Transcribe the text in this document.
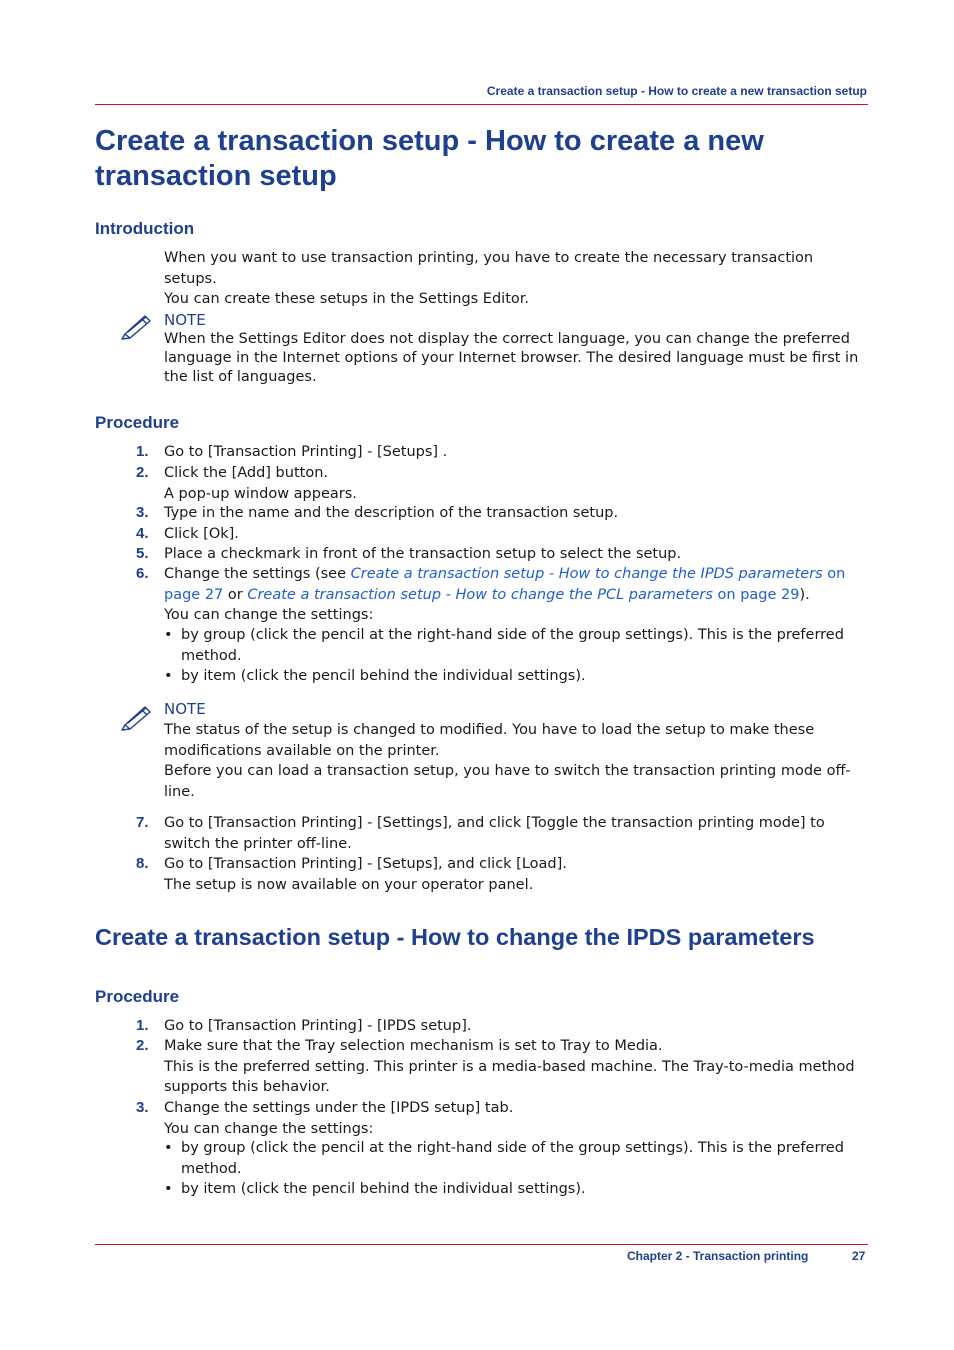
Create a transaction setup - How to create a new transaction setup
Create a transaction setup - How to create a new
transaction setup
Introduction

When you want to use transaction printing, you have to create the necessary transaction setups.
You can create these setups in the Settings Editor.

NOTE

When the Settings Editor does not display the correct language, you can change the preferred language in the Internet options of your Internet browser. The desired language must be first in the list of languages.

Procedure
1.	Go to [Transaction Printing] - [Setups] .
2.	Click the [Add] button.
A pop-up window appears.
3.	Type in the name and the description of the transaction setup.
4.	Click [Ok].
5.	Place a checkmark in front of the transaction setup to select the setup.
6.	Change the settings (see Create a transaction setup - How to change the IPDS parameters on
page 27 or Create a transaction setup - How to change the PCL parameters on page 29).
You can change the settings:
• by group (click the pencil at the right-hand side of the group settings). This is the preferred method.
• by item (click the pencil behind the individual settings).
NOTE

The status of the setup is changed to modified. You have to load the setup to make these modifications available on the printer.
Before you can load a transaction setup, you have to switch the transaction printing mode off-line.

7.	Go to [Transaction Printing] - [Settings], and click [Toggle the transaction printing mode] to switch the printer off-line.
8.	Go to [Transaction Printing] - [Setups], and click [Load].
The setup is now available on your operator panel.
Create a transaction setup - How to change the IPDS parameters
Procedure
1.	Go to [Transaction Printing] - [IPDS setup].
2.	Make sure that the Tray selection mechanism is set to Tray to Media.
This is the preferred setting. This printer is a media-based machine. The Tray-to-media method supports this behavior.
3.	Change the settings under the [IPDS setup] tab.
You can change the settings:
• by group (click the pencil at the right-hand side of the group settings). This is the preferred method.
• by item (click the pencil behind the individual settings).
Chapter 2 - Transaction printing	27
